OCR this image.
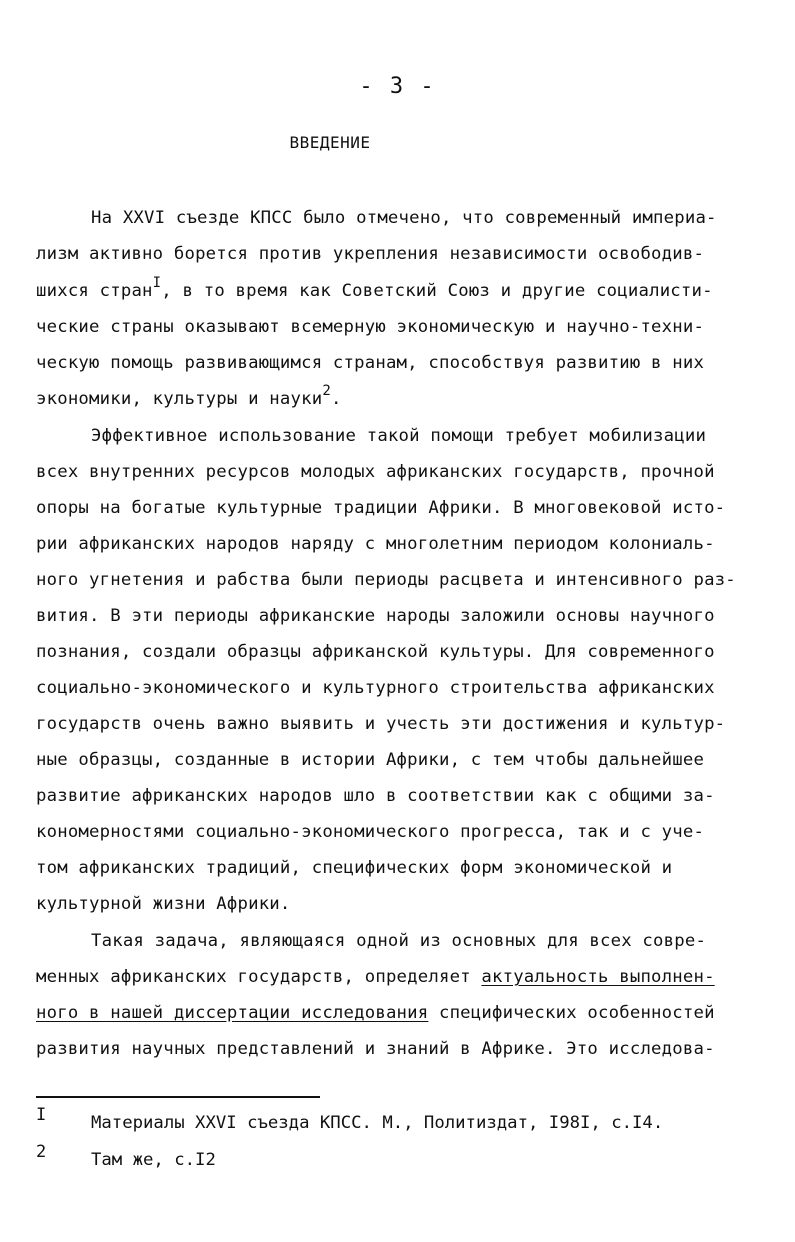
- 3 -
ВВЕДЕНИЕ
На XXVI съезде КПСС было отмечено, что современный империа-
лизм активно борется против укрепления независимости освободив-
шихся стран$^I$, в то время как Советский Союз и другие социалисти-
ческие страны оказывают всемерную экономическую и научно-техни-
ческую помощь развивающимся странам, способствуя развитию в них
экономики, культуры и науки$^2$.
Эффективное использование такой помощи требует мобилизации
всех внутренних ресурсов молодых африканских государств, прочной
опоры на богатые культурные традиции Африки. В многовековой исто-
рии африканских народов наряду с многолетним периодом колониаль-
ного угнетения и рабства были периоды расцвета и интенсивного раз-
вития. В эти периоды африканские народы заложили основы научного
познания, создали образцы африканской культуры. Для современного
социально-экономического и культурного строительства африканских
государств очень важно выявить и учесть эти достижения и культур-
ные образцы, созданные в истории Африки, с тем чтобы дальнейшее
развитие африканских народов шло в соответствии как с общими за-
кономерностями социально-экономического прогресса, так и с уче-
том африканских традиций, специфических форм экономической и
культурной жизни Африки.
Такая задача, являющаяся одной из основных для всех совре-
менных африканских государств, определяет актуальность выполнен-
ного в нашей диссертации исследования специфических особенностей
развития научных представлений и знаний в Африке. Это исследова-
I	Материалы XXVI съезда КПСС. М., Политиздат, I98I, с.I4.
2	Там же, с.I2
